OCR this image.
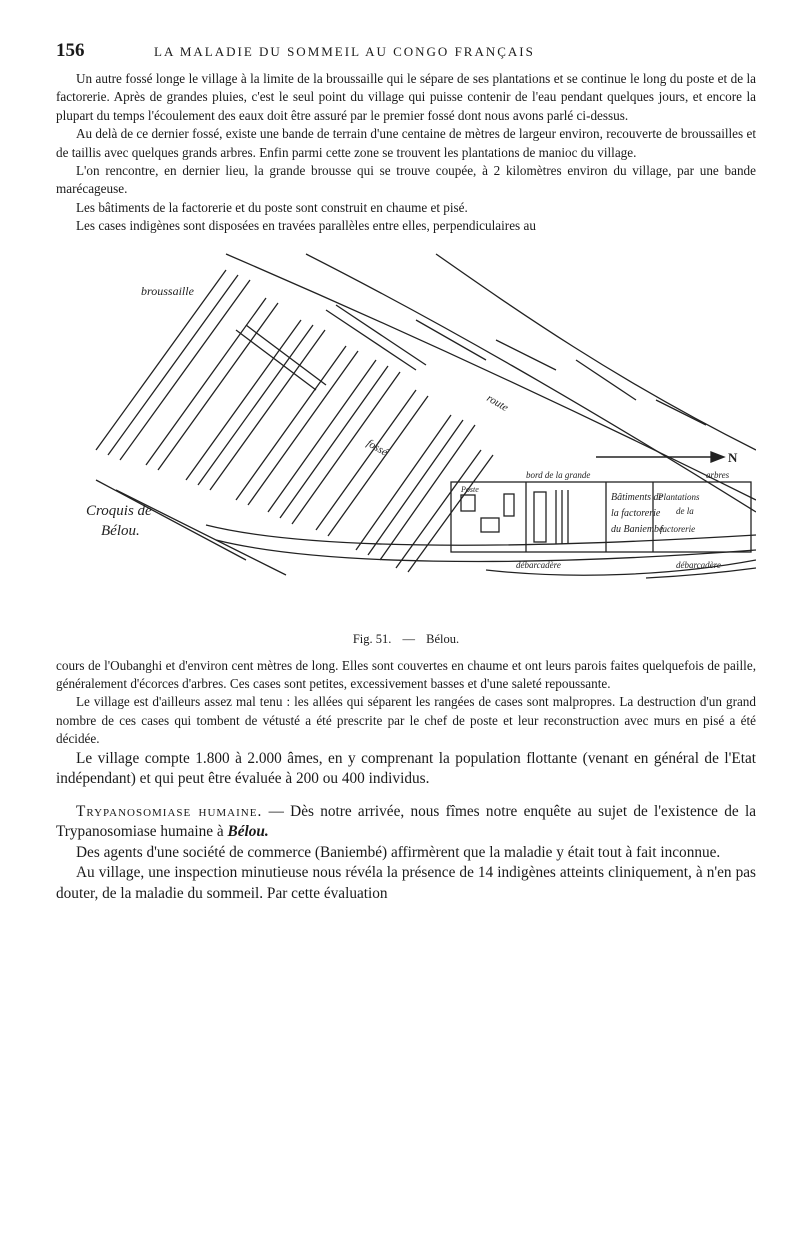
156	LA MALADIE DU SOMMEIL AU CONGO FRANÇAIS

Un autre fossé longe le village à la limite de la broussaille qui le sépare de ses plantations et se continue le long du poste et de la factorerie. Après de grandes pluies, c'est le seul point du village qui puisse contenir de l'eau pendant quelques jours, et encore la plupart du temps l'écoulement des eaux doit être assuré par le premier fossé dont nous avons parlé ci-dessus.

Au delà de ce dernier fossé, existe une bande de terrain d'une centaine de mètres de largeur environ, recouverte de broussailles et de taillis avec quelques grands arbres. Enfin parmi cette zone se trouvent les plantations de manioc du village.

L'on rencontre, en dernier lieu, la grande brousse qui se trouve coupée, à 2 kilomètres environ du village, par une bande marécageuse.

Les bâtiments de la factorerie et du poste sont construit en chaume et pisé.

Les cases indigènes sont disposées en travées parallèles entre elles, perpendiculaires au

broussaille
Croquis de
Bélou.
N
bord de la grande	arbres
Poste
Bâtiments de
la factorerie
du Baniembé
Plantations
de la
factorerie
débarcadère	débarcadère
fossé
route
Fig. 51. — Bélou.

cours de l'Oubanghi et d'environ cent mètres de long. Elles sont couvertes en chaume et ont leurs parois faites quelquefois de paille, généralement d'écorces d'arbres. Ces cases sont petites, excessivement basses et d'une saleté repoussante.

Le village est d'ailleurs assez mal tenu : les allées qui séparent les rangées de cases sont malpropres. La destruction d'un grand nombre de ces cases qui tombent de vétusté a été prescrite par le chef de poste et leur reconstruction avec murs en pisé a été décidée.

Le village compte 1.800 à 2.000 âmes, en y comprenant la population flottante (venant en général de l'Etat indépendant) et qui peut être évaluée à 200 ou 400 individus.

Trypanosomiase humaine. — Dès notre arrivée, nous fîmes notre enquête au sujet de l'existence de la Trypanosomiase humaine à Bélou.

Des agents d'une société de commerce (Baniembé) affirmèrent que la maladie y était tout à fait inconnue.

Au village, une inspection minutieuse nous révéla la présence de 14 indigènes atteints cliniquement, à n'en pas douter, de la maladie du sommeil. Par cette évaluation
